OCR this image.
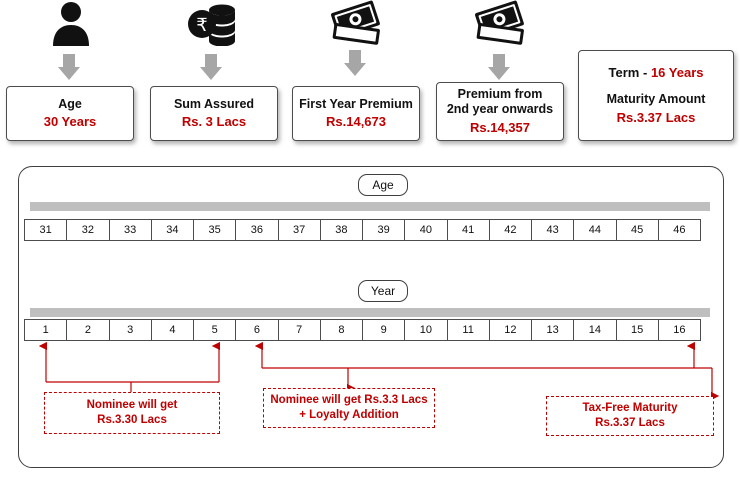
₹
Age
30 Years
Sum Assured
Rs. 3 Lacs
First Year Premium
Rs.14,673
Premium from
2nd year onwards
Rs.14,357
Term - 16 Years
Maturity Amount
Rs.3.37 Lacs
Age
31	32	33	34	35	36	37	38	39	40	41	42	43	44	45	46
Year
1	2	3	4	5	6	7	8	9	10	11	12	13	14	15	16
Nominee will get
Rs.3.30 Lacs
Nominee will get Rs.3.3 Lacs
+ Loyalty Addition
Tax-Free Maturity
Rs.3.37 Lacs
